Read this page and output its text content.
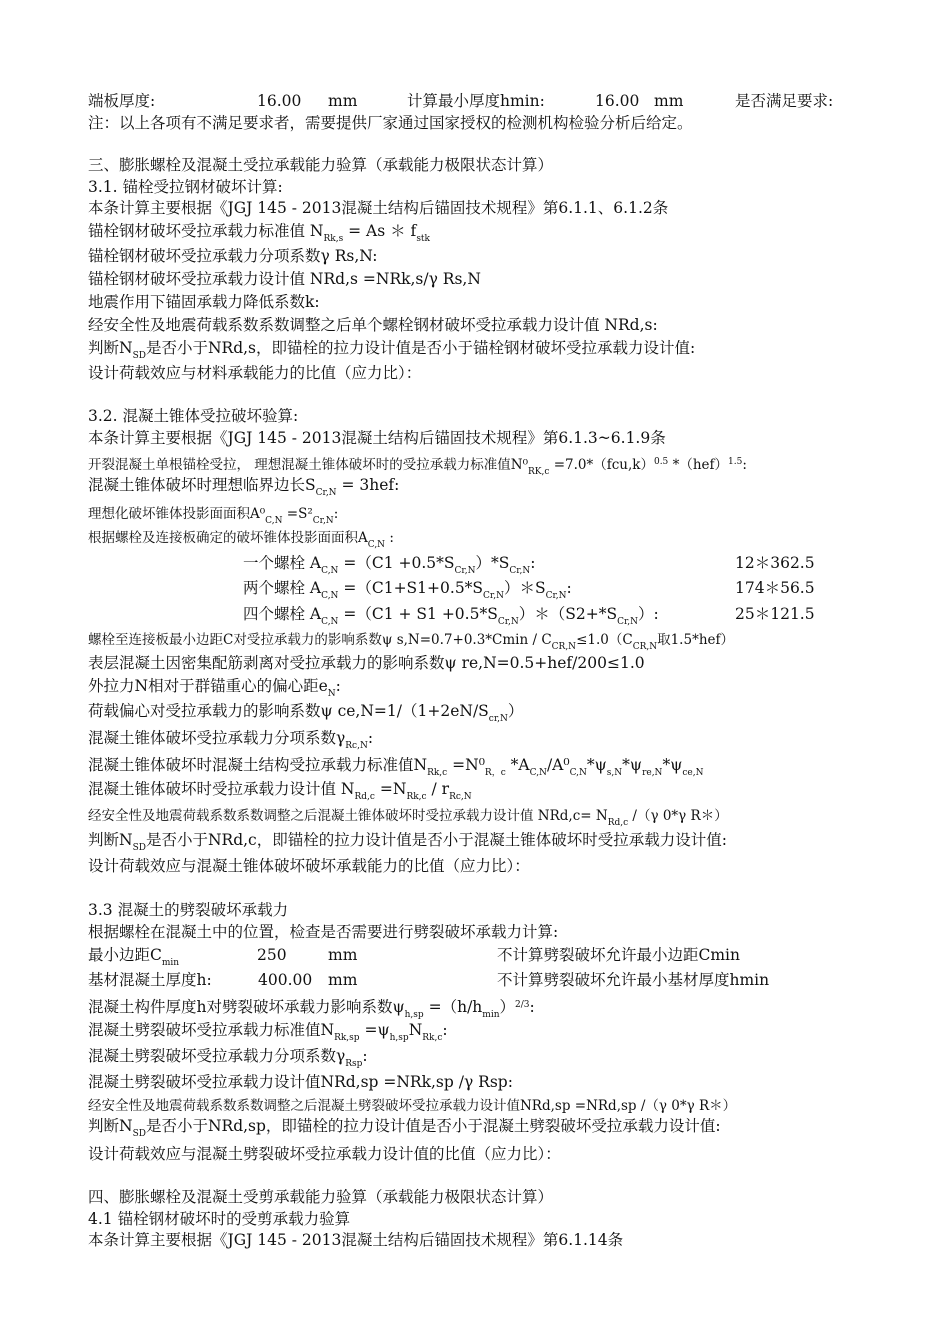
端板厚度:	16.00 mm	计算最小厚度hmin:	16.00 mm	是否满足要求:
注：以上各项有不满足要求者，需要提供厂家通过国家授权的检测机构检验分析后给定。
三、膨胀螺栓及混凝土受拉承载能力验算（承载能力极限状态计算）
3.1. 锚栓受拉钢材破坏计算:
本条计算主要根据《JGJ 145 - 2013混凝土结构后锚固技术规程》第6.1.1、6.1.2条
锚栓钢材破坏受拉承载力标准值 $N_{Rk,s} = As$ ＊ $f_{stk}$
锚栓钢材破坏受拉承载力分项系数γ Rs,N:
锚栓钢材破坏受拉承载力设计值 NRd,s =NRk,s/γ Rs,N
地震作用下锚固承载力降低系数k:
经安全性及地震荷载系数系数调整之后单个螺栓钢材破坏受拉承载力设计值 NRd,s:
判断$N_{SD}$是否小于NRd,s，即锚栓的拉力设计值是否小于锚栓钢材破坏受拉承载力设计值:
设计荷载效应与材料承载能力的比值（应力比）：
3.2. 混凝土锥体受拉破坏验算:
本条计算主要根据《JGJ 145 - 2013混凝土结构后锚固技术规程》第6.1.3~6.1.9条
开裂混凝土单根锚栓受拉， 理想混凝土锥体破坏时的受拉承载力标准值$N^0_{RK,c} =7.0*(fcu,k)^{0.5}$ *（hef）$^{1.5}$:
混凝土锥体破坏时理想临界边长$S_{Cr,N} = 3hef$:
理想化破坏锥体投影面面积$A^0_{C,N} =S^2_{Cr,N}$:
根据螺栓及连接板确定的破坏锥体投影面面积$A_{C,N}$ :
一个螺栓 $A_{C,N} =(C1 +0.5*S_{Cr,N})*S_{Cr,N}$:	12＊362.5
两个螺栓 $A_{C,N}$ $=(C1+S1+0.5*S_{Cr,N})*S_{Cr,N}$:	174＊56.5
四个螺栓 $A_{C,N} =(C1 + S1$ $+0.5*S_{Cr,N})*(S2+*S_{Cr,N})$:	25＊121.5
螺栓至连接板最小边距C对受拉承载力的影响系数ψ $s,N=0.7+0.3*Cmin / C_{CR,N}\le 1.0(C_{CR,N}$取1.5*hef）
表层混凝土因密集配筋剥离对受拉承载力的影响系数ψ re,N=0.5+hef/200≤1.0
外拉力N相对于群锚重心的偏心距$e_N$:
荷载偏心对受拉承载力的影响系数ψ $ce,N=1/(1+2eN/S_{cr,N})$
混凝土锥体破坏受拉承载力分项系数$\gamma_{Rc,N}$:
混凝土锥体破坏时混凝土结构受拉承载力标准值$N_{Rk,c} =N^0_{R,c}$ $*A_{C,N}/A^0_{C,N}*\psi_{s,N}*\psi_{re,N}*\psi_{ce,N}$
混凝土锥体破坏时受拉承载力设计值 $N_{Rd,c} =N_{Rk,c} / r_{Rc,N}$
经安全性及地震荷载系数系数调整之后混凝土锥体破坏时受拉承载力设计值 $NRd,c= N_{Rd,c}$ /（γ 0*γ R＊）
判断$N_{SD}$是否小于NRd,c，即锚栓的拉力设计值是否小于混凝土锥体破坏时受拉承载力设计值:
设计荷载效应与混凝土锥体破坏破坏承载能力的比值（应力比）：
3.3 混凝土的劈裂破坏承载力
根据螺栓在混凝土中的位置，检查是否需要进行劈裂破坏承载力计算:
最小边距$C_{min}$	250	mm	不计算劈裂破坏允许最小边距Cmin
基材混凝土厚度h:	400.00 mm	不计算劈裂破坏允许最小基材厚度hmin
混凝土构件厚度h对劈裂破坏承载力影响系数$\psi_{h,sp} =(h/h_{min})^{2/3}$:
混凝土劈裂破坏受拉承载力标准值$N_{Rk,sp} =\psi_{h,sp}N_{Rk,c}$:
混凝土劈裂破坏受拉承载力分项系数$\gamma_{Rsp}$:
混凝土劈裂破坏受拉承载力设计值NRd,sp =NRk,sp /γ Rsp:
经安全性及地震荷载系数系数调整之后混凝土劈裂破坏受拉承载力设计值NRd,sp =NRd,sp /（γ 0*γ R＊）
判断$N_{SD}$是否小于NRd,sp，即锚栓的拉力设计值是否小于混凝土劈裂破坏受拉承载力设计值:
设计荷载效应与混凝土劈裂破坏受拉承载力设计值的比值（应力比）：
四、膨胀螺栓及混凝土受剪承载能力验算（承载能力极限状态计算）
4.1 锚栓钢材破坏时的受剪承载力验算
本条计算主要根据《JGJ 145 - 2013混凝土结构后锚固技术规程》第6.1.14条
